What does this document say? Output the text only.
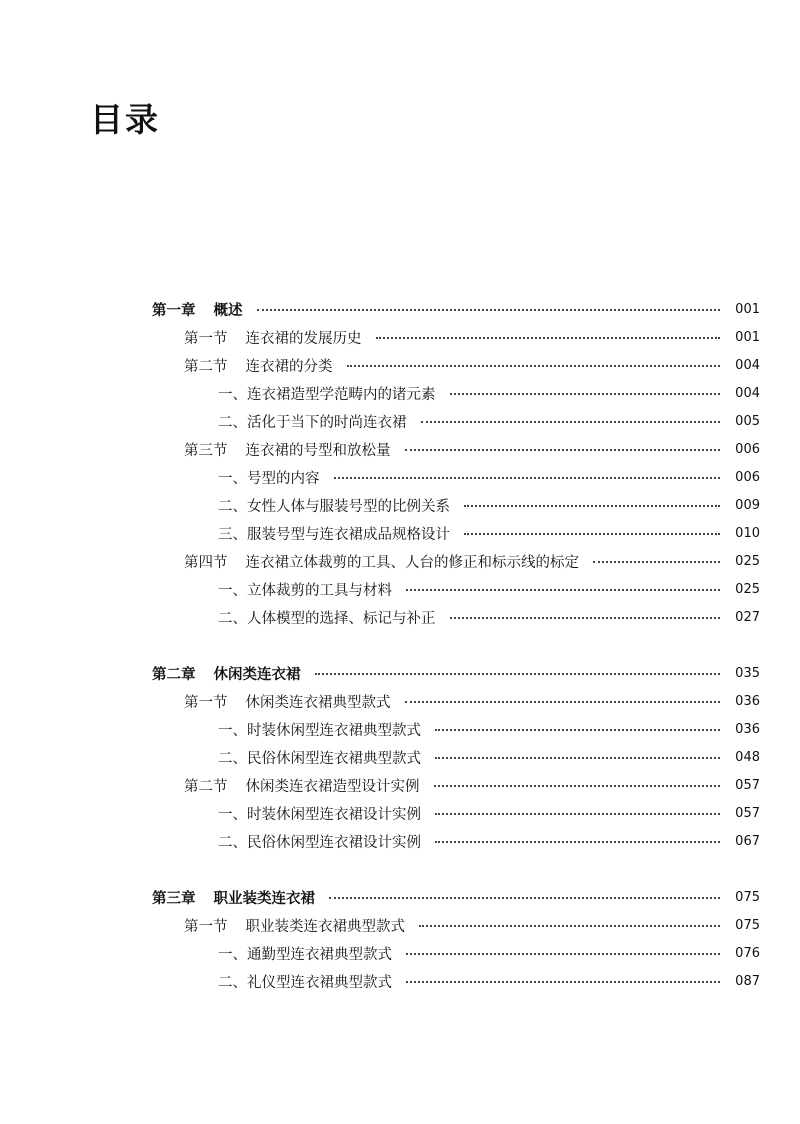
目录
第一章 概述	001
第一节 连衣裙的发展历史	001
第二节 连衣裙的分类	004
一、连衣裙造型学范畴内的诸元素	004
二、活化于当下的时尚连衣裙	005
第三节 连衣裙的号型和放松量	006
一、号型的内容	006
二、女性人体与服装号型的比例关系	009
三、服装号型与连衣裙成品规格设计	010
第四节 连衣裙立体裁剪的工具、人台的修正和标示线的标定	025
一、立体裁剪的工具与材料	025
二、人体模型的选择、标记与补正	027
第二章 休闲类连衣裙	035
第一节 休闲类连衣裙典型款式	036
一、时装休闲型连衣裙典型款式	036
二、民俗休闲型连衣裙典型款式	048
第二节 休闲类连衣裙造型设计实例	057
一、时装休闲型连衣裙设计实例	057
二、民俗休闲型连衣裙设计实例	067
第三章 职业装类连衣裙	075
第一节 职业装类连衣裙典型款式	075
一、通勤型连衣裙典型款式	076
二、礼仪型连衣裙典型款式	087
